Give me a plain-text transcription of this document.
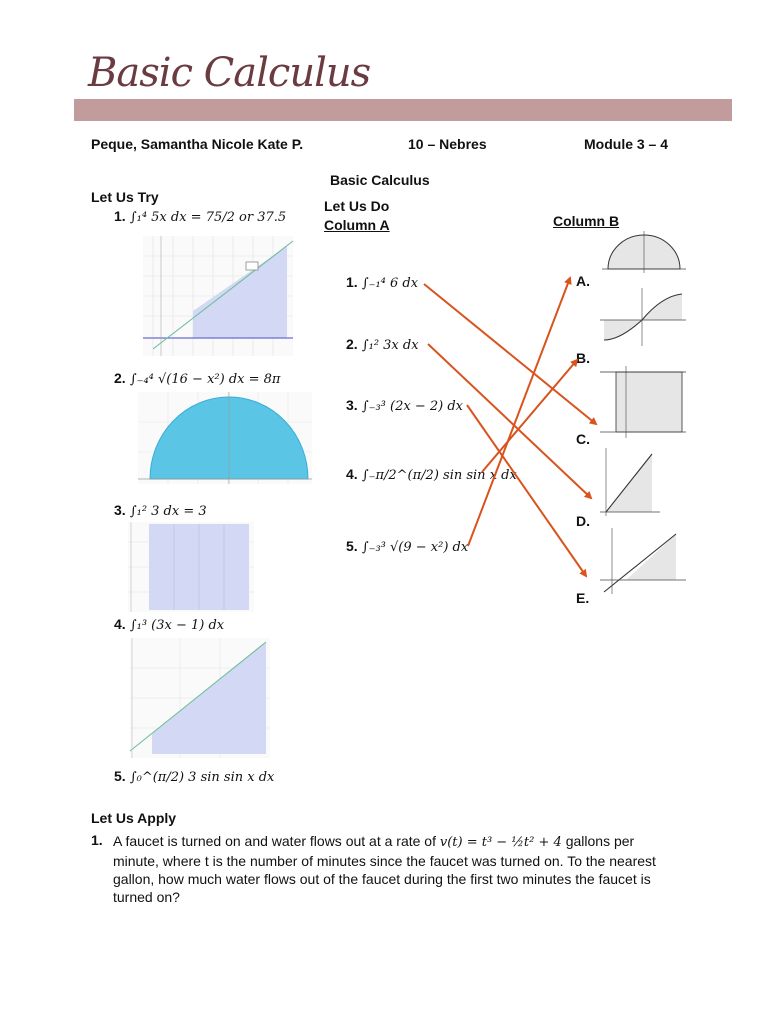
Basic Calculus
Peque, Samantha Nicole Kate P.	10 – Nebres	Module 3 – 4
Basic Calculus
Let Us Try
1. ∫₁⁴ 5x dx = 75/2 or 37.5
2. ∫₋₄⁴ √(16 − x²) dx = 8π
3. ∫₁² 3 dx = 3
4. ∫₁³ (3x − 1) dx
5. ∫₀^(π/2) 3 sin sin x dx
Let Us Do
Column A	Column B
1. ∫₋₁⁴ 6 dx
2. ∫₁² 3x dx
3. ∫₋₃³ (2x − 2) dx
4. ∫₋π/2^(π/2) sin sin x dx
5. ∫₋₃³ √(9 − x²) dx
A.
B.
C.
D.
E.
Let Us Apply
1. A faucet is turned on and water flows out at a rate of v(t) = t³ − ½t² + 4 gallons per minute, where t is the number of minutes since the faucet was turned on. To the nearest gallon, how much water flows out of the faucet during the first two minutes the faucet is turned on?
